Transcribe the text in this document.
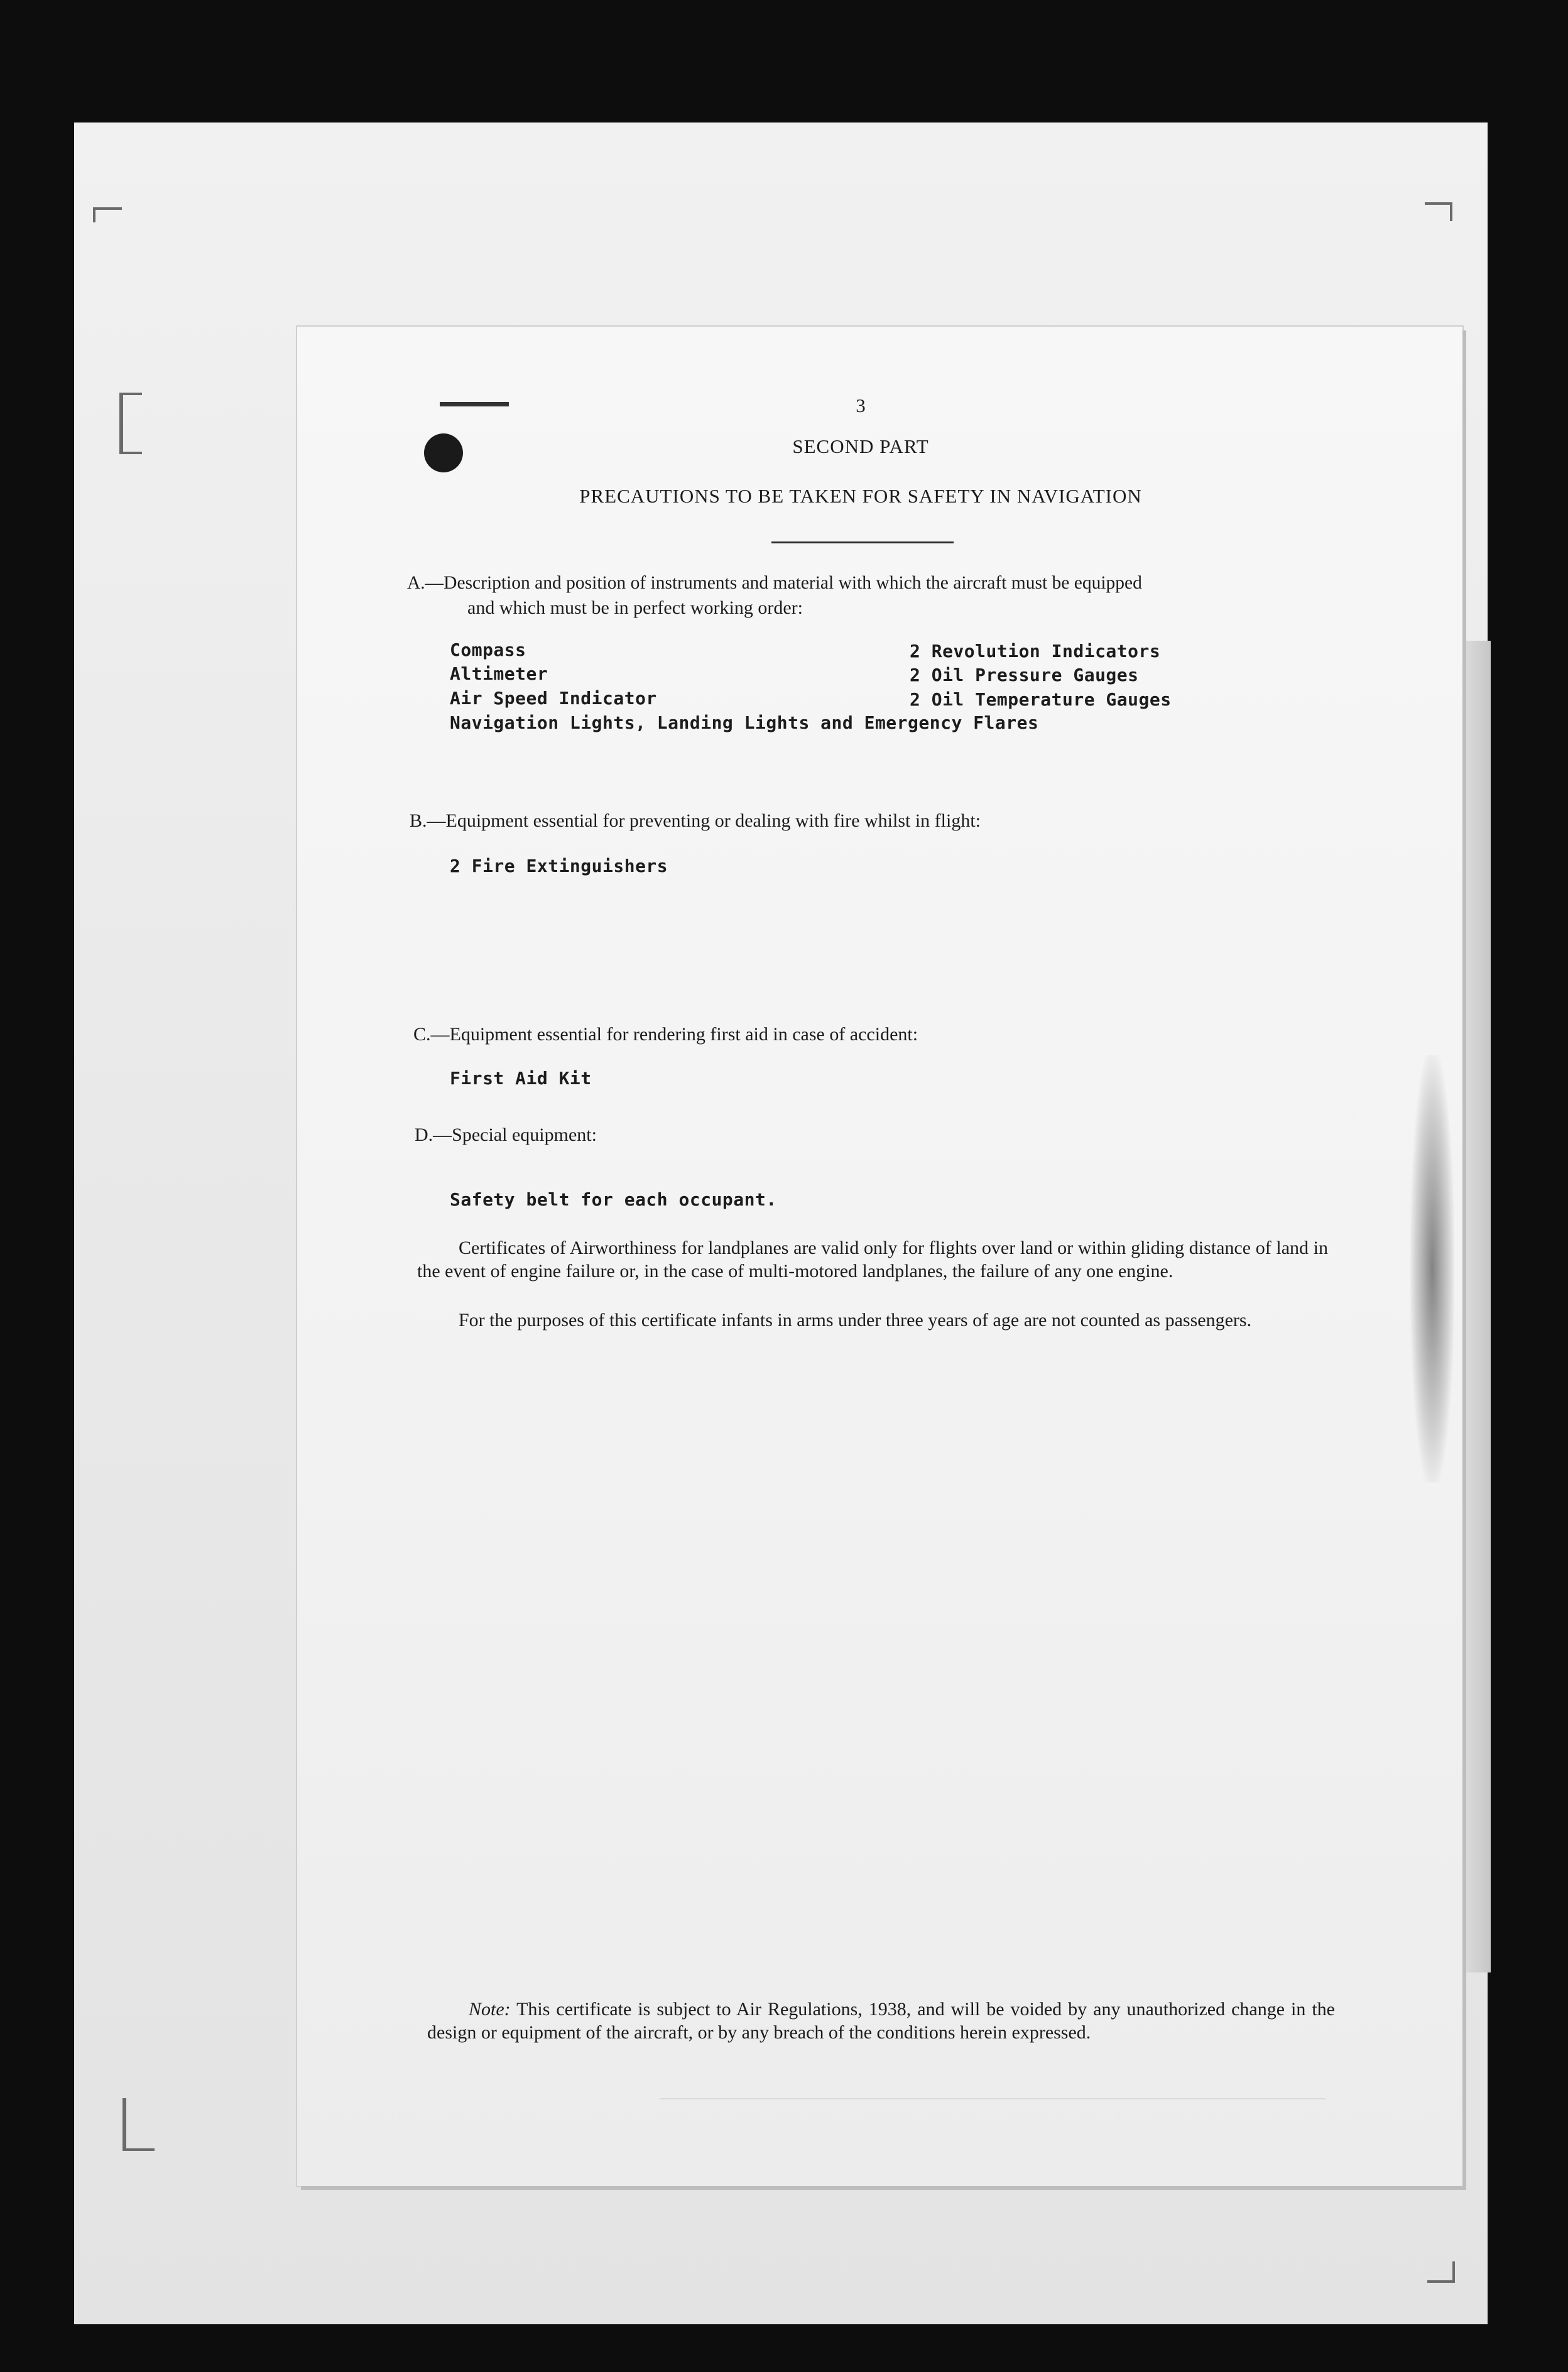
3
SECOND PART
PRECAUTIONS TO BE TAKEN FOR SAFETY IN NAVIGATION
A.—Description and position of instruments and material with which the aircraft must be equipped
and which must be in perfect working order:
Compass
Altimeter
Air Speed Indicator
2 Revolution Indicators
2 Oil Pressure Gauges
2 Oil Temperature Gauges
Navigation Lights, Landing Lights and Emergency Flares
B.—Equipment essential for preventing or dealing with fire whilst in flight:
2 Fire Extinguishers
C.—Equipment essential for rendering first aid in case of accident:
First Aid Kit
D.—Special equipment:
Safety belt for each occupant.
Certificates of Airworthiness for landplanes are valid only for flights over land or within gliding distance of land in the event of engine failure or, in the case of multi-motored landplanes, the failure of any one engine.
For the purposes of this certificate infants in arms under three years of age are not counted as passengers.
Note: This certificate is subject to Air Regulations, 1938, and will be voided by any unauthorized change in the design or equipment of the aircraft, or by any breach of the conditions herein expressed.
